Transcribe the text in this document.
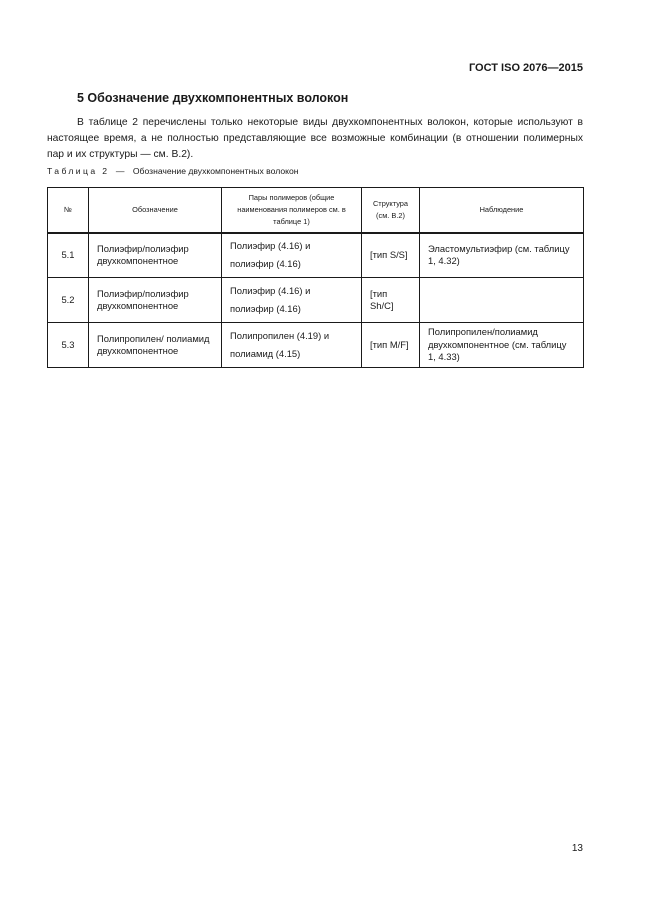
ГОСТ ISO 2076—2015
5 Обозначение двухкомпонентных волокон
В таблице 2 перечислены только некоторые виды двухкомпонентных волокон, которые используют в настоящее время, а не полностью представляющие все возможные комбинации (в отношении полимерных пар и их структуры — см. В.2).
Таблица 2 — Обозначение двухкомпонентных волокон
№	Обозначение	Пары полимеров (общие наименования полимеров см. в таблице 1)	Структура (см. В.2)	Наблюдение
5.1	Полиэфир/полиэфир двухкомпонентное	Полиэфир (4.16) и полиэфир (4.16)	[тип S/S]	Эластомультиэфир (см. таблицу 1, 4.32)
5.2	Полиэфир/полиэфир двухкомпонентное	Полиэфир (4.16) и полиэфир (4.16)	[тип Sh/C]	
5.3	Полипропилен/ полиамид двухкомпонентное	Полипропилен (4.19) и полиамид (4.15)	[тип M/F]	Полипропилен/полиамид двухкомпонентное (см. таблицу 1, 4.33)
13
